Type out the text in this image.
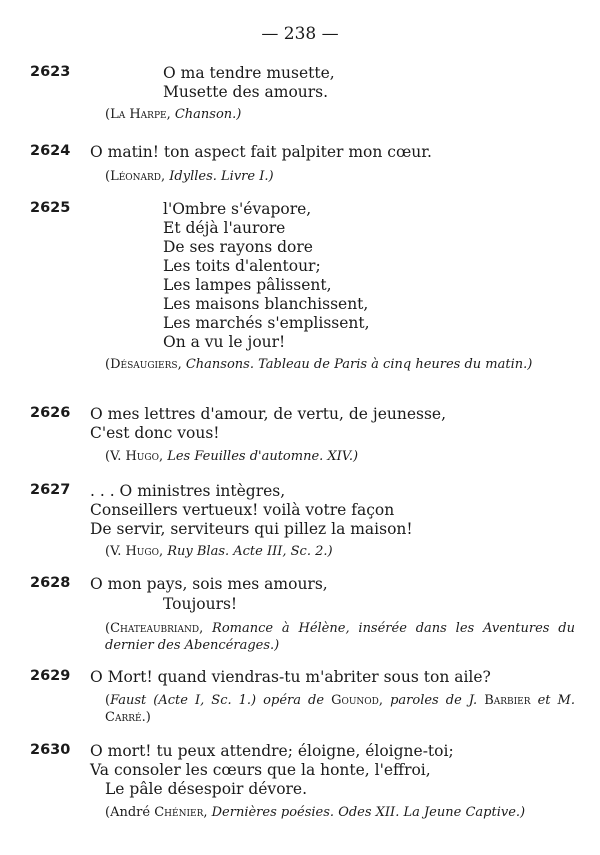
— 238 —
2623	O ma tendre musette,
Musette des amours.
(La Harpe, Chanson.)
2624 O matin! ton aspect fait palpiter mon cœur.
(Léonard, Idylles. Livre I.)
2625	l'Ombre s'évapore,
Et déjà l'aurore
De ses rayons dore
Les toits d'alentour;
Les lampes pâlissent,
Les maisons blanchissent,
Les marchés s'emplissent,
On a vu le jour!
(Désaugiers, Chansons. Tableau de Paris à cinq heures du matin.)
2626 O mes lettres d'amour, de vertu, de jeunesse,
C'est donc vous!
(V. Hugo, Les Feuilles d'automne. XIV.)
2627 . . . O ministres intègres,
Conseillers vertueux! voilà votre façon
De servir, serviteurs qui pillez la maison!
(V. Hugo, Ruy Blas. Acte III, Sc. 2.)
2628 O mon pays, sois mes amours,
Toujours!
(Chateaubriand, Romance à Hélène, insérée dans les Aventures du dernier des Abencérages.)
2629 O Mort! quand viendras-tu m'abriter sous ton aile?
(Faust (Acte I, Sc. 1.) opéra de Gounod, paroles de J. Barbier et M. Carré.)
2630 O mort! tu peux attendre; éloigne, éloigne-toi;
Va consoler les cœurs que la honte, l'effroi,
Le pâle désespoir dévore.
(André Chénier, Dernières poésies. Odes XII. La Jeune Captive.)
